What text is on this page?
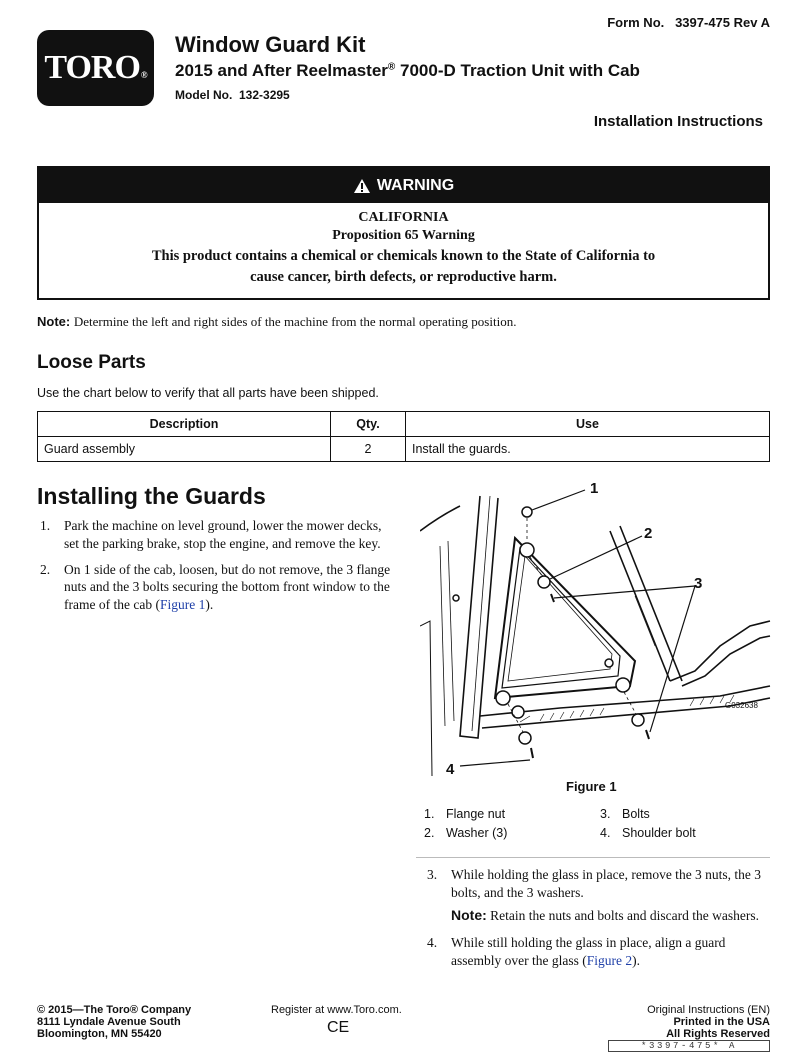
$TORO_®$
Form No.   3397-475 Rev A
Window Guard Kit
2015 and After Reelmaster® 7000-D Traction Unit with Cab
Model No.  132-3295
Installation Instructions
WARNING
CALIFORNIA
Proposition 65 Warning
This product contains a chemical or chemicals known to the State of California to
cause cancer, birth defects, or reproductive harm.
Note: Determine the left and right sides of the machine from the normal operating position.
Loose Parts
Use the chart below to verify that all parts have been shipped.
Description	Qty.	Use
Guard assembly	2	Install the guards.
Installing the Guards
1.	Park the machine on level ground, lower the mower decks, set the parking brake, stop the engine, and remove the key.
2.	On 1 side of the cab, loosen, but do not remove, the 3 flange nuts and the 3 bolts securing the bottom front window to the frame of the cab (Figure 1).
1
2
3
4
G032638
Figure 1
1. Flange nut	3. Bolts
2. Washer (3)	4. Shoulder bolt
3.	While holding the glass in place, remove the 3 nuts, the 3 bolts, and the 3 washers.
Note: Retain the nuts and bolts and discard the washers.
4.	While still holding the glass in place, align a guard assembly over the glass (Figure 2).
© 2015—The Toro® Company
8111 Lyndale Avenue South
Bloomington, MN 55420
Register at www.Toro.com.
CE
Original Instructions (EN)
Printed in the USA
All Rights Reserved
*3397-475* A
